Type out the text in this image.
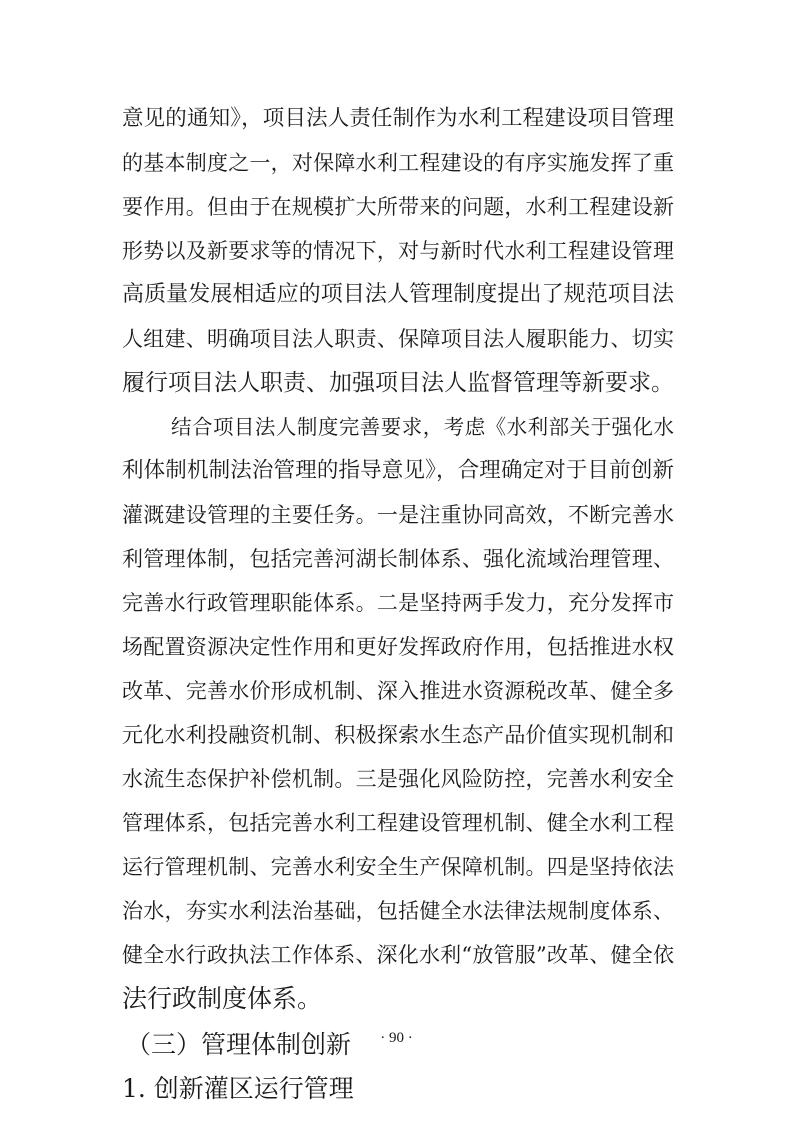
意见的通知》，项目法人责任制作为水利工程建设项目管理
的基本制度之一，对保障水利工程建设的有序实施发挥了重
要作用。但由于在规模扩大所带来的问题，水利工程建设新
形势以及新要求等的情况下，对与新时代水利工程建设管理
高质量发展相适应的项目法人管理制度提出了规范项目法
人组建、明确项目法人职责、保障项目法人履职能力、切实
履行项目法人职责、加强项目法人监督管理等新要求。
结合项目法人制度完善要求，考虑《水利部关于强化水
利体制机制法治管理的指导意见》，合理确定对于目前创新
灌溉建设管理的主要任务。一是注重协同高效，不断完善水
利管理体制，包括完善河湖长制体系、强化流域治理管理、
完善水行政管理职能体系。二是坚持两手发力，充分发挥市
场配置资源决定性作用和更好发挥政府作用，包括推进水权
改革、完善水价形成机制、深入推进水资源税改革、健全多
元化水利投融资机制、积极探索水生态产品价值实现机制和
水流生态保护补偿机制。三是强化风险防控，完善水利安全
管理体系，包括完善水利工程建设管理机制、健全水利工程
运行管理机制、完善水利安全生产保障机制。四是坚持依法
治水，夯实水利法治基础，包括健全水法律法规制度体系、
健全水行政执法工作体系、深化水利“放管服”改革、健全依
法行政制度体系。
（三）管理体制创新
1. 创新灌区运行管理
· 90 ·
